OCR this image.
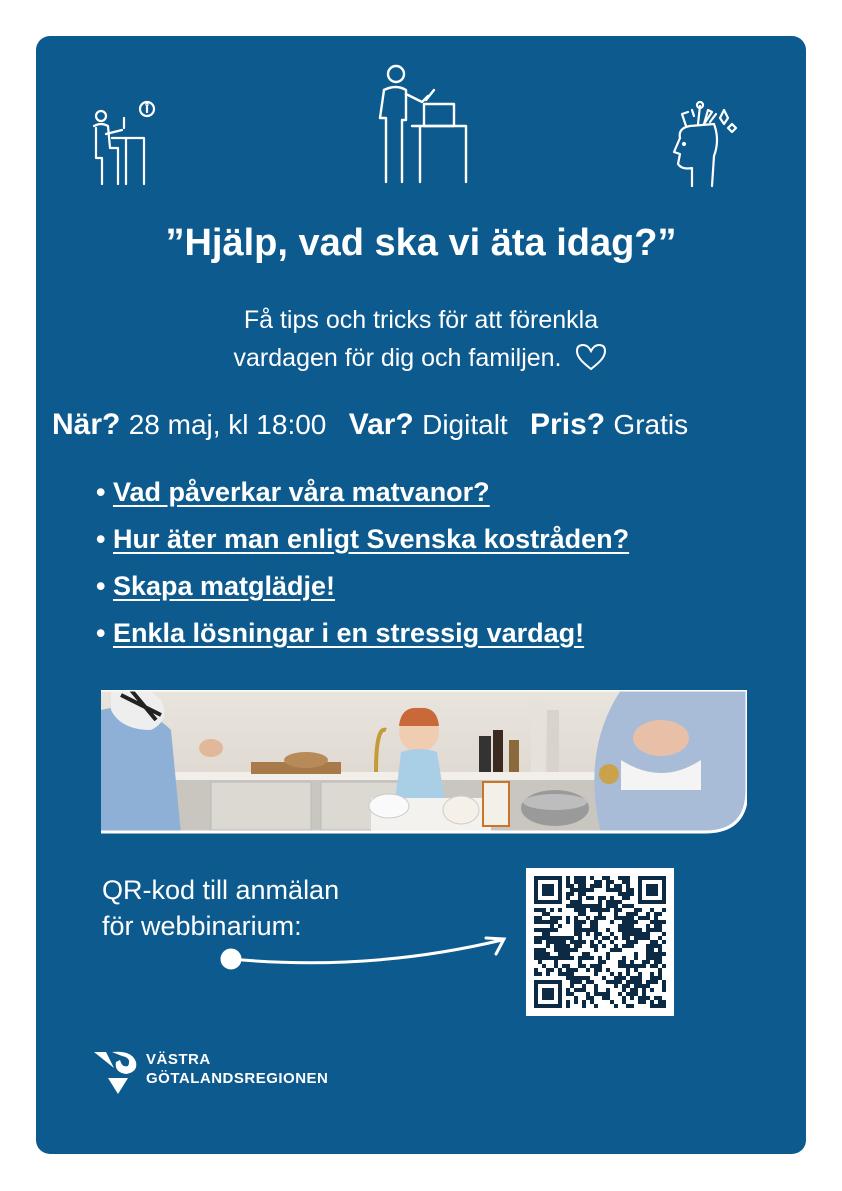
”Hjälp, vad ska vi äta idag?”
Få tips och tricks för att förenkla
vardagen för dig och familjen.
När? 28 maj, kl 18:00 Var? Digitalt Pris? Gratis
• Vad påverkar våra matvanor?
• Hur äter man enligt Svenska kostråden?
• Skapa matglädje!
• Enkla lösningar i en stressig vardag!
QR-kod till anmälan
för webbinarium:
VÄSTRA
GÖTALANDSREGIONEN
